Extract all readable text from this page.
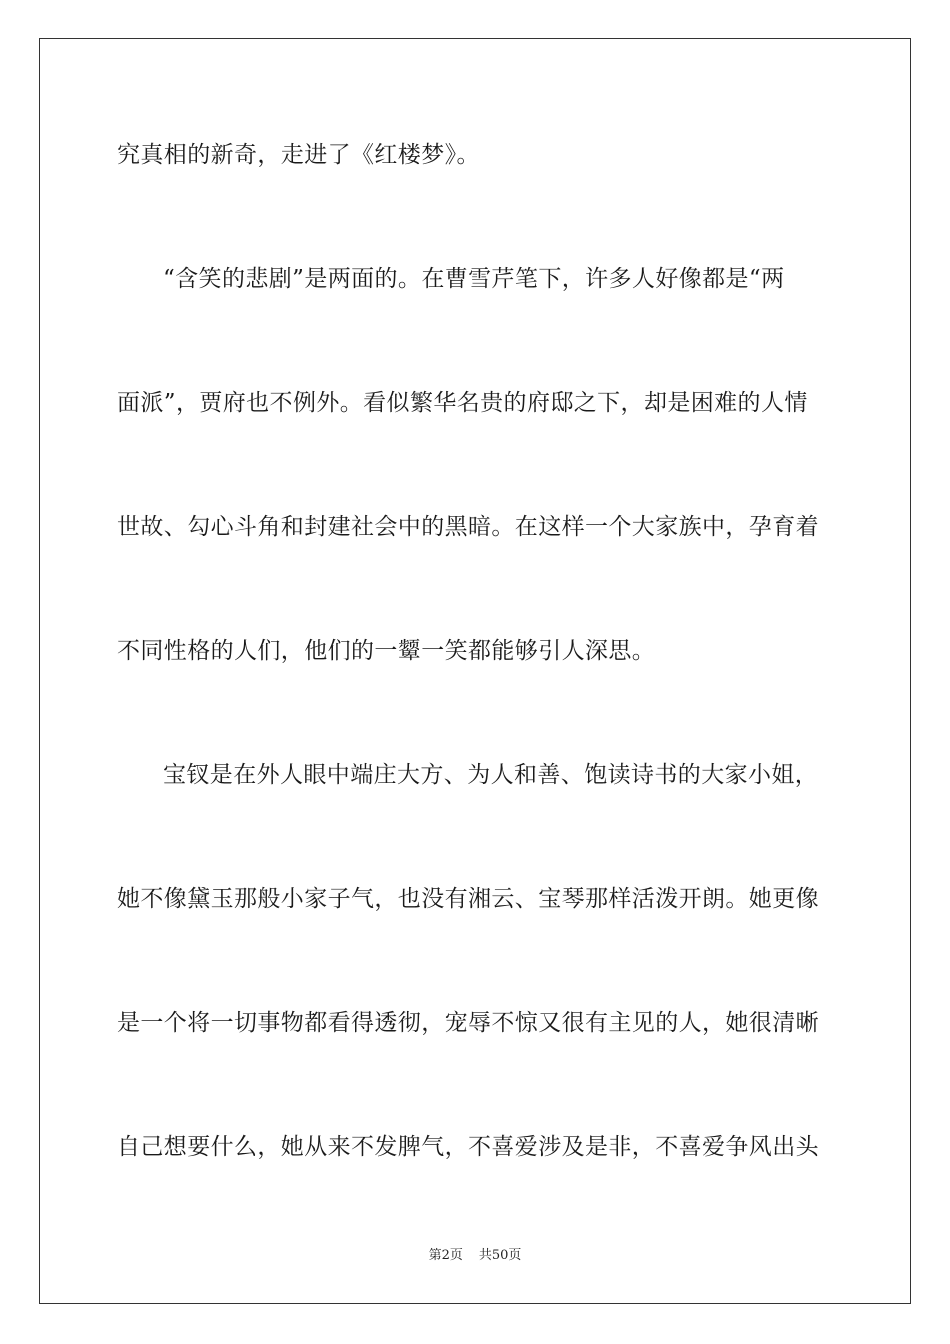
究真相的新奇，走进了《红楼梦》。
“含笑的悲剧”是两面的。在曹雪芹笔下，许多人好像都是“两
面派”，贾府也不例外。看似繁华名贵的府邸之下，却是困难的人情
世故、勾心斗角和封建社会中的黑暗。在这样一个大家族中，孕育着
不同性格的人们，他们的一颦一笑都能够引人深思。
宝钗是在外人眼中端庄大方、为人和善、饱读诗书的大家小姐，
她不像黛玉那般小家子气，也没有湘云、宝琴那样活泼开朗。她更像
是一个将一切事物都看得透彻，宠辱不惊又很有主见的人，她很清晰
自己想要什么，她从来不发脾气，不喜爱涉及是非，不喜爱争风出头
第2页 共50页
